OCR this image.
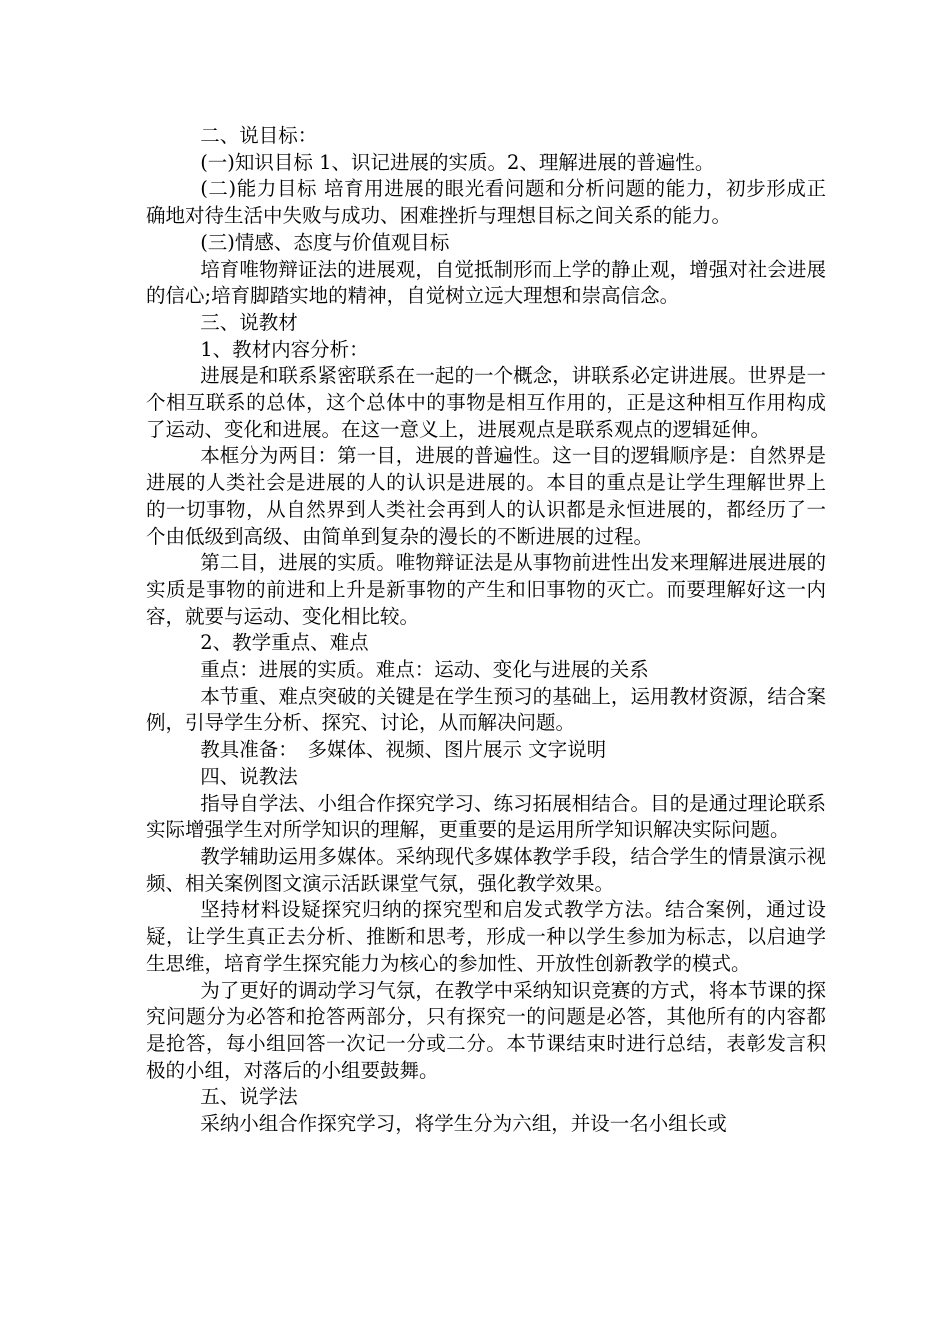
二、说目标：

(一)知识目标 1、识记进展的实质。2、理解进展的普遍性。

(二)能力目标 培育用进展的眼光看问题和分析问题的能力，初步形成正确地对待生活中失败与成功、困难挫折与理想目标之间关系的能力。

(三)情感、态度与价值观目标

培育唯物辩证法的进展观，自觉抵制形而上学的静止观，增强对社会进展的信心;培育脚踏实地的精神，自觉树立远大理想和崇高信念。

三、说教材

1、教材内容分析：

进展是和联系紧密联系在一起的一个概念，讲联系必定讲进展。世界是一个相互联系的总体，这个总体中的事物是相互作用的，正是这种相互作用构成了运动、变化和进展。在这一意义上，进展观点是联系观点的逻辑延伸。

本框分为两目：第一目，进展的普遍性。这一目的逻辑顺序是：自然界是进展的人类社会是进展的人的认识是进展的。本目的重点是让学生理解世界上的一切事物，从自然界到人类社会再到人的认识都是永恒进展的，都经历了一个由低级到高级、由简单到复杂的漫长的不断进展的过程。

第二目，进展的实质。唯物辩证法是从事物前进性出发来理解进展进展的实质是事物的前进和上升是新事物的产生和旧事物的灭亡。而要理解好这一内容，就要与运动、变化相比较。

2、教学重点、难点

重点：进展的实质。难点：运动、变化与进展的关系

本节重、难点突破的关键是在学生预习的基础上，运用教材资源，结合案例，引导学生分析、探究、讨论，从而解决问题。

教具准备：　多媒体、视频、图片展示 文字说明

四、说教法

指导自学法、小组合作探究学习、练习拓展相结合。目的是通过理论联系实际增强学生对所学知识的理解，更重要的是运用所学知识解决实际问题。

教学辅助运用多媒体。采纳现代多媒体教学手段，结合学生的情景演示视频、相关案例图文演示活跃课堂气氛，强化教学效果。

坚持材料设疑探究归纳的探究型和启发式教学方法。结合案例，通过设疑，让学生真正去分析、推断和思考，形成一种以学生参加为标志，以启迪学生思维，培育学生探究能力为核心的参加性、开放性创新教学的模式。

为了更好的调动学习气氛，在教学中采纳知识竞赛的方式，将本节课的探究问题分为必答和抢答两部分，只有探究一的问题是必答，其他所有的内容都是抢答，每小组回答一次记一分或二分。本节课结束时进行总结，表彰发言积极的小组，对落后的小组要鼓舞。

五、说学法

采纳小组合作探究学习，将学生分为六组，并设一名小组长或
